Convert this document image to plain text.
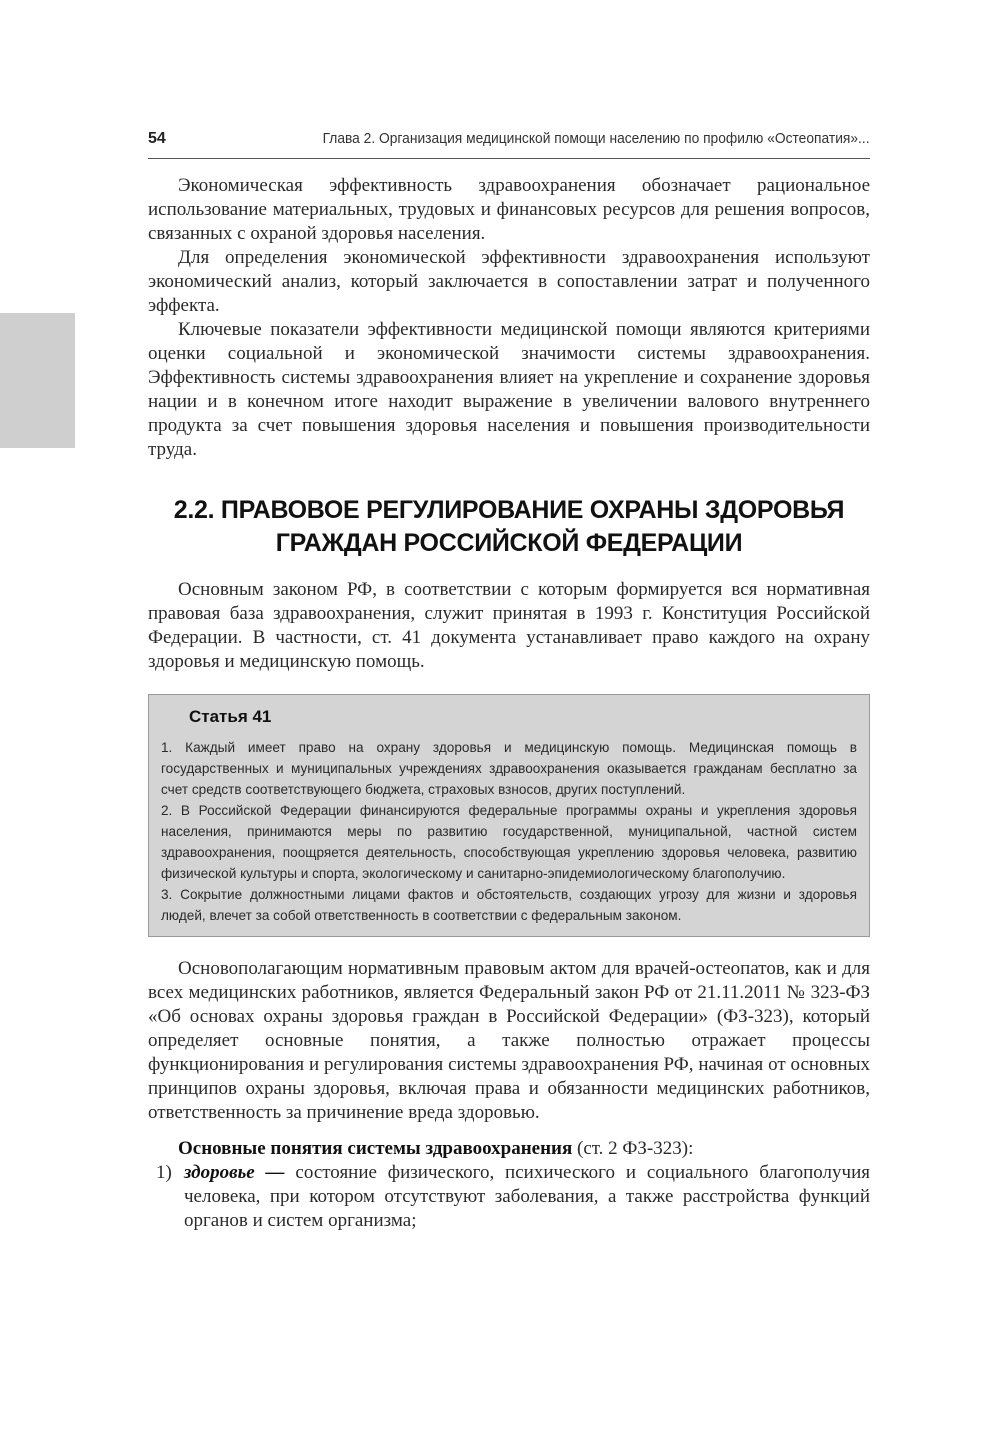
54	Глава 2. Организация медицинской помощи населению по профилю «Остеопатия»...

Экономическая эффективность здравоохранения обозначает рациональное использование материальных, трудовых и финансовых ресурсов для решения вопросов, связанных с охраной здоровья населения.

Для определения экономической эффективности здравоохранения используют экономический анализ, который заключается в сопоставлении затрат и полученного эффекта.

Ключевые показатели эффективности медицинской помощи являются критериями оценки социальной и экономической значимости системы здравоохранения. Эффективность системы здравоохранения влияет на укрепление и сохранение здоровья нации и в конечном итоге находит выражение в увеличении валового внутреннего продукта за счет повышения здоровья населения и повышения производительности труда.

2.2. ПРАВОВОЕ РЕГУЛИРОВАНИЕ ОХРАНЫ ЗДОРОВЬЯ
ГРАЖДАН РОССИЙСКОЙ ФЕДЕРАЦИИ

Основным законом РФ, в соответствии с которым формируется вся нормативная правовая база здравоохранения, служит принятая в 1993 г. Конституция Российской Федерации. В частности, ст. 41 документа устанавливает право каждого на охрану здоровья и медицинскую помощь.

Статья 41

1. Каждый имеет право на охрану здоровья и медицинскую помощь. Медицинская помощь в государственных и муниципальных учреждениях здравоохранения оказывается гражданам бесплатно за счет средств соответствующего бюджета, страховых взносов, других поступлений.

2. В Российской Федерации финансируются федеральные программы охраны и укрепления здоровья населения, принимаются меры по развитию государственной, муниципальной, частной систем здравоохранения, поощряется деятельность, способствующая укреплению здоровья человека, развитию физической культуры и спорта, экологическому и санитарно-эпидемиологическому благополучию.

3. Сокрытие должностными лицами фактов и обстоятельств, создающих угрозу для жизни и здоровья людей, влечет за собой ответственность в соответствии с федеральным законом.

Основополагающим нормативным правовым актом для врачей-остеопатов, как и для всех медицинских работников, является Федеральный закон РФ от 21.11.2011 № 323-ФЗ «Об основах охраны здоровья граждан в Российской Федерации» (ФЗ-323), который определяет основные понятия, а также полностью отражает процессы функционирования и регулирования системы здравоохранения РФ, начиная от основных принципов охраны здоровья, включая права и обязанности медицинских работников, ответственность за причинение вреда здоровью.

Основные понятия системы здравоохранения (ст. 2 ФЗ-323):

1) здоровье — состояние физического, психического и социального благополучия человека, при котором отсутствуют заболевания, а также расстройства функций органов и систем организма;
